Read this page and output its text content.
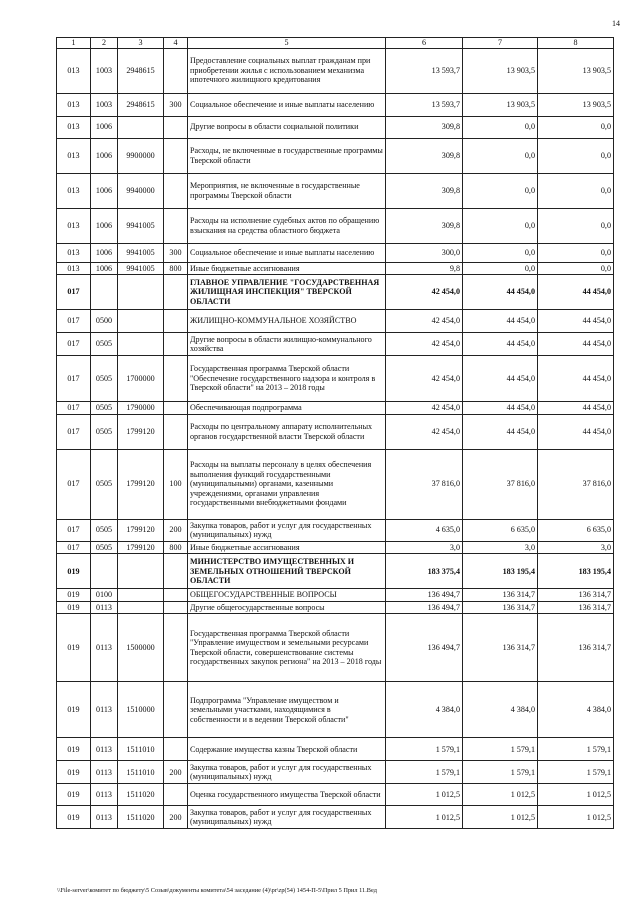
14
1	2	3	4	5	6	7	8
013	1003	2948615		Предоставление социальных выплат гражданам при приобретении жилья с использованием механизма ипотечного жилищного кредитования	13 593,7	13 903,5	13 903,5
013	1003	2948615	300	Социальное обеспечение и иные выплаты населению	13 593,7	13 903,5	13 903,5
013	1006			Другие вопросы в области социальной политики	309,8	0,0	0,0
013	1006	9900000		Расходы, не включенные в государственные программы Тверской области	309,8	0,0	0,0
013	1006	9940000		Мероприятия, не включенные в государственные программы Тверской области	309,8	0,0	0,0
013	1006	9941005		Расходы на исполнение судебных актов по обращению взыскания на средства областного бюджета	309,8	0,0	0,0
013	1006	9941005	300	Социальное обеспечение и иные выплаты населению	300,0	0,0	0,0
013	1006	9941005	800	Иные бюджетные ассигнования	9,8	0,0	0,0
017				ГЛАВНОЕ УПРАВЛЕНИЕ "ГОСУДАРСТВЕННАЯ ЖИЛИЩНАЯ ИНСПЕКЦИЯ" ТВЕРСКОЙ ОБЛАСТИ	42 454,0	44 454,0	44 454,0
017	0500			ЖИЛИЩНО-КОММУНАЛЬНОЕ ХОЗЯЙСТВО	42 454,0	44 454,0	44 454,0
017	0505			Другие вопросы в области жилищно-коммунального хозяйства	42 454,0	44 454,0	44 454,0
017	0505	1700000		Государственная программа Тверской области "Обеспечение государственного надзора и контроля в Тверской области" на 2013 – 2018 годы	42 454,0	44 454,0	44 454,0
017	0505	1790000		Обеспечивающая подпрограмма	42 454,0	44 454,0	44 454,0
017	0505	1799120		Расходы по центральному аппарату исполнительных органов государственной власти Тверской области	42 454,0	44 454,0	44 454,0
017	0505	1799120	100	Расходы на выплаты персоналу в целях обеспечения выполнения функций государственными (муниципальными) органами, казенными учреждениями, органами управления государственными внебюджетными фондами	37 816,0	37 816,0	37 816,0
017	0505	1799120	200	Закупка товаров, работ и услуг для государственных (муниципальных) нужд	4 635,0	6 635,0	6 635,0
017	0505	1799120	800	Иные бюджетные ассигнования	3,0	3,0	3,0
019				МИНИСТЕРСТВО ИМУЩЕСТВЕННЫХ И ЗЕМЕЛЬНЫХ ОТНОШЕНИЙ ТВЕРСКОЙ ОБЛАСТИ	183 375,4	183 195,4	183 195,4
019	0100			ОБЩЕГОСУДАРСТВЕННЫЕ ВОПРОСЫ	136 494,7	136 314,7	136 314,7
019	0113			Другие общегосударственные вопросы	136 494,7	136 314,7	136 314,7
019	0113	1500000		Государственная программа Тверской области "Управление имуществом и земельными ресурсами Тверской области, совершенствование системы государственных закупок региона" на 2013 – 2018 годы	136 494,7	136 314,7	136 314,7
019	0113	1510000		Подпрограмма "Управление имуществом и земельными участками, находящимися в собственности и в ведении Тверской области"	4 384,0	4 384,0	4 384,0
019	0113	1511010		Содержание имущества казны Тверской области	1 579,1	1 579,1	1 579,1
019	0113	1511010	200	Закупка товаров, работ и услуг для государственных (муниципальных) нужд	1 579,1	1 579,1	1 579,1
019	0113	1511020		Оценка государственного имущества Тверской области	1 012,5	1 012,5	1 012,5
019	0113	1511020	200	Закупка товаров, работ и услуг для государственных (муниципальных) нужд	1 012,5	1 012,5	1 012,5
\\File-server\комитет по бюджету\5 Созыв\документы комитета\54 заседание (4)\pr\zp(54) 1454-П-5\Прил 5 Прил 11.Вед
